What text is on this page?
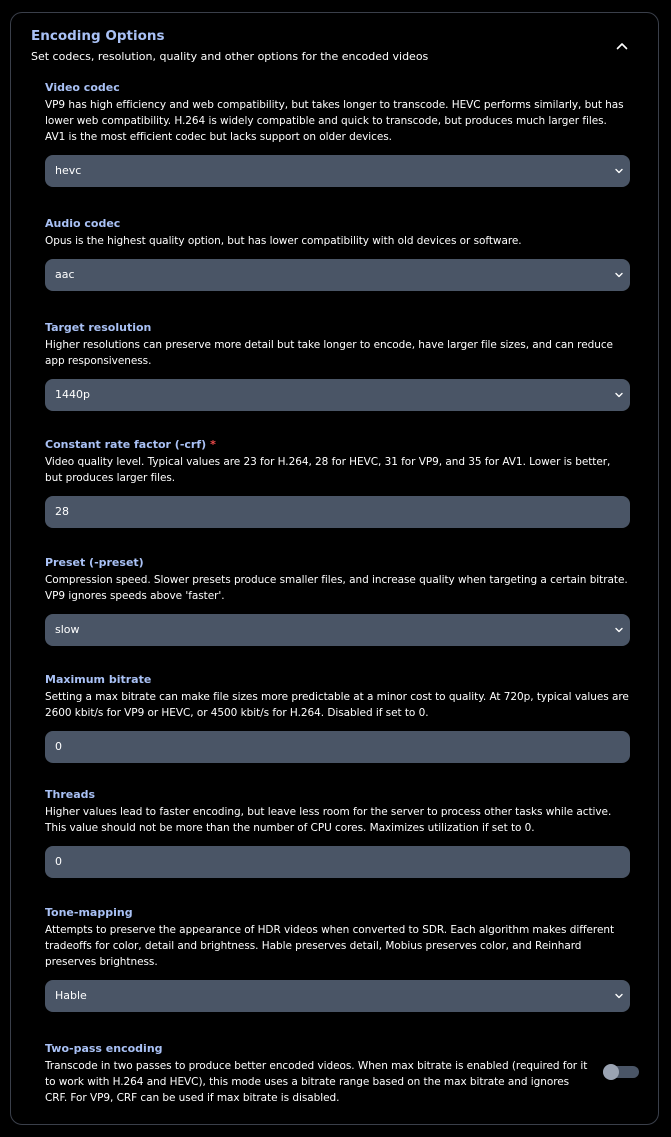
Encoding Options
Set codecs, resolution, quality and other options for the encoded videos
Video codec
VP9 has high efficiency and web compatibility, but takes longer to transcode. HEVC performs similarly, but has lower web compatibility. H.264 is widely compatible and quick to transcode, but produces much larger files. AV1 is the most efficient codec but lacks support on older devices.
hevc
Audio codec
Opus is the highest quality option, but has lower compatibility with old devices or software.
aac
Target resolution
Higher resolutions can preserve more detail but take longer to encode, have larger file sizes, and can reduce app responsiveness.
1440p
Constant rate factor (-crf) *
Video quality level. Typical values are 23 for H.264, 28 for HEVC, 31 for VP9, and 35 for AV1. Lower is better, but produces larger files.
28
Preset (-preset)
Compression speed. Slower presets produce smaller files, and increase quality when targeting a certain bitrate. VP9 ignores speeds above 'faster'.
slow
Maximum bitrate
Setting a max bitrate can make file sizes more predictable at a minor cost to quality. At 720p, typical values are 2600 kbit/s for VP9 or HEVC, or 4500 kbit/s for H.264. Disabled if set to 0.
0
Threads
Higher values lead to faster encoding, but leave less room for the server to process other tasks while active. This value should not be more than the number of CPU cores. Maximizes utilization if set to 0.
0
Tone-mapping
Attempts to preserve the appearance of HDR videos when converted to SDR. Each algorithm makes different tradeoffs for color, detail and brightness. Hable preserves detail, Mobius preserves color, and Reinhard preserves brightness.
Hable
Two-pass encoding
Transcode in two passes to produce better encoded videos. When max bitrate is enabled (required for it to work with H.264 and HEVC), this mode uses a bitrate range based on the max bitrate and ignores CRF. For VP9, CRF can be used if max bitrate is disabled.
